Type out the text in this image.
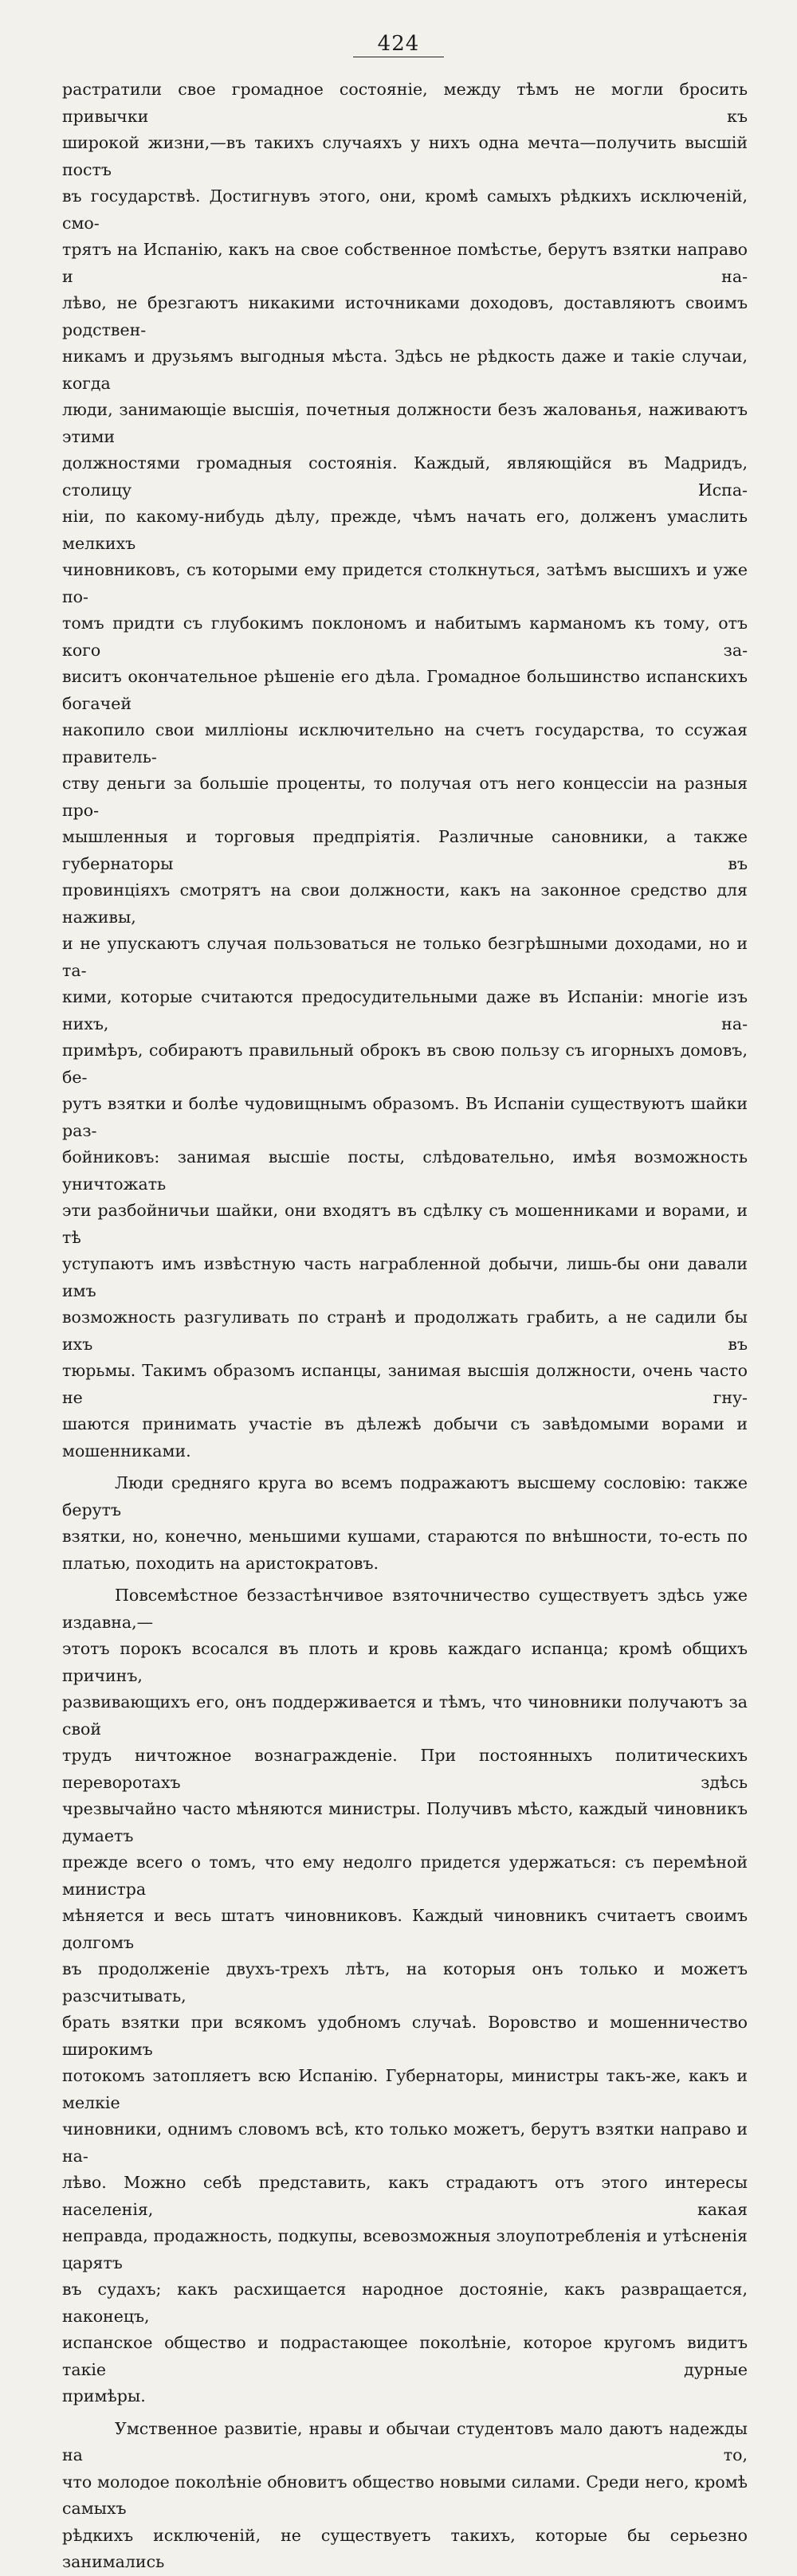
424

растратили свое громадное состоянiе, между тѣмъ не могли бросить привычки къ

широкой жизни,—въ такихъ случаяхъ у нихъ одна мечта—получить высшiй постъ

въ государствѣ. Достигнувъ этого, они, кромѣ самыхъ рѣдкихъ исключенiй, смо-

трятъ на Испанiю, какъ на свое собственное помѣстье, берутъ взятки направо и на-

лѣво, не брезгаютъ никакими источниками доходовъ, доставляютъ своимъ родствен-

никамъ и друзьямъ выгодныя мѣста. Здѣсь не рѣдкость даже и такiе случаи, когда

люди, занимающiе высшiя, почетныя должности безъ жалованья, наживаютъ этими

должностями громадныя состоянiя. Каждый, являющiйся въ Мадридъ, столицу Испа-

нiи, по какому-нибудь дѣлу, прежде, чѣмъ начать его, долженъ умаслить мелкихъ

чиновниковъ, съ которыми ему придется столкнуться, затѣмъ высшихъ и уже по-

томъ придти съ глубокимъ поклономъ и набитымъ карманомъ къ тому, отъ кого за-

виситъ окончательное рѣшенiе его дѣла. Громадное большинство испанскихъ богачей

накопило свои миллiоны исключительно на счетъ государства, то ссужая правитель-

ству деньги за большiе проценты, то получая отъ него концессiи на разныя про-

мышленныя и торговыя предпрiятiя. Различные сановники, а также губернаторы въ

провинцiяхъ смотрятъ на свои должности, какъ на законное средство для наживы,

и не упускаютъ случая пользоваться не только безгрѣшными доходами, но и та-

кими, которые считаются предосудительными даже въ Испанiи: многiе изъ нихъ, на-

примѣръ, собираютъ правильный оброкъ въ свою пользу съ игорныхъ домовъ, бе-

рутъ взятки и болѣе чудовищнымъ образомъ. Въ Испанiи существуютъ шайки раз-

бойниковъ: занимая высшiе посты, слѣдовательно, имѣя возможность уничтожать

эти разбойничьи шайки, они входятъ въ сдѣлку съ мошенниками и ворами, и тѣ

уступаютъ имъ извѣстную часть награбленной добычи, лишь-бы они давали имъ

возможность разгуливать по странѣ и продолжать грабить, а не садили бы ихъ въ

тюрьмы. Такимъ образомъ испанцы, занимая высшiя должности, очень часто не гну-

шаются принимать участiе въ дѣлежѣ добычи съ завѣдомыми ворами и мошенниками.

Люди средняго круга во всемъ подражаютъ высшему сословiю: также берутъ

взятки, но, конечно, меньшими кушами, стараются по внѣшности, то-есть по

платью, походить на аристократовъ.

Повсемѣстное беззастѣнчивое взяточничество существуетъ здѣсь уже издавна,—

этотъ порокъ всосался въ плоть и кровь каждаго испанца; кромѣ общихъ причинъ,

развивающихъ его, онъ поддерживается и тѣмъ, что чиновники получаютъ за свой

трудъ ничтожное вознагражденiе. При постоянныхъ политическихъ переворотахъ здѣсь

чрезвычайно часто мѣняются министры. Получивъ мѣсто, каждый чиновникъ думаетъ

прежде всего о томъ, что ему недолго придется удержаться: съ перемѣной министра

мѣняется и весь штатъ чиновниковъ. Каждый чиновникъ считаетъ своимъ долгомъ

въ продолженiе двухъ-трехъ лѣтъ, на которыя онъ только и можетъ разсчитывать,

брать взятки при всякомъ удобномъ случаѣ. Воровство и мошенничество широкимъ

потокомъ затопляетъ всю Испанiю. Губернаторы, министры такъ-же, какъ и мелкiе

чиновники, однимъ словомъ всѣ, кто только можетъ, берутъ взятки направо и на-

лѣво. Можно себѣ представить, какъ страдаютъ отъ этого интересы населенiя, какая

неправда, продажность, подкупы, всевозможныя злоупотребленiя и утѣсненiя царятъ

въ судахъ; какъ расхищается народное достоянiе, какъ развращается, наконецъ,

испанское общество и подрастающее поколѣнiе, которое кругомъ видитъ такiе дурные

примѣры.

Умственное развитiе, нравы и обычаи студентовъ мало даютъ надежды на то,

что молодое поколѣнiе обновитъ общество новыми силами. Среди него, кромѣ самыхъ

рѣдкихъ исключенiй, не существуетъ такихъ, которые бы серьезно занимались
